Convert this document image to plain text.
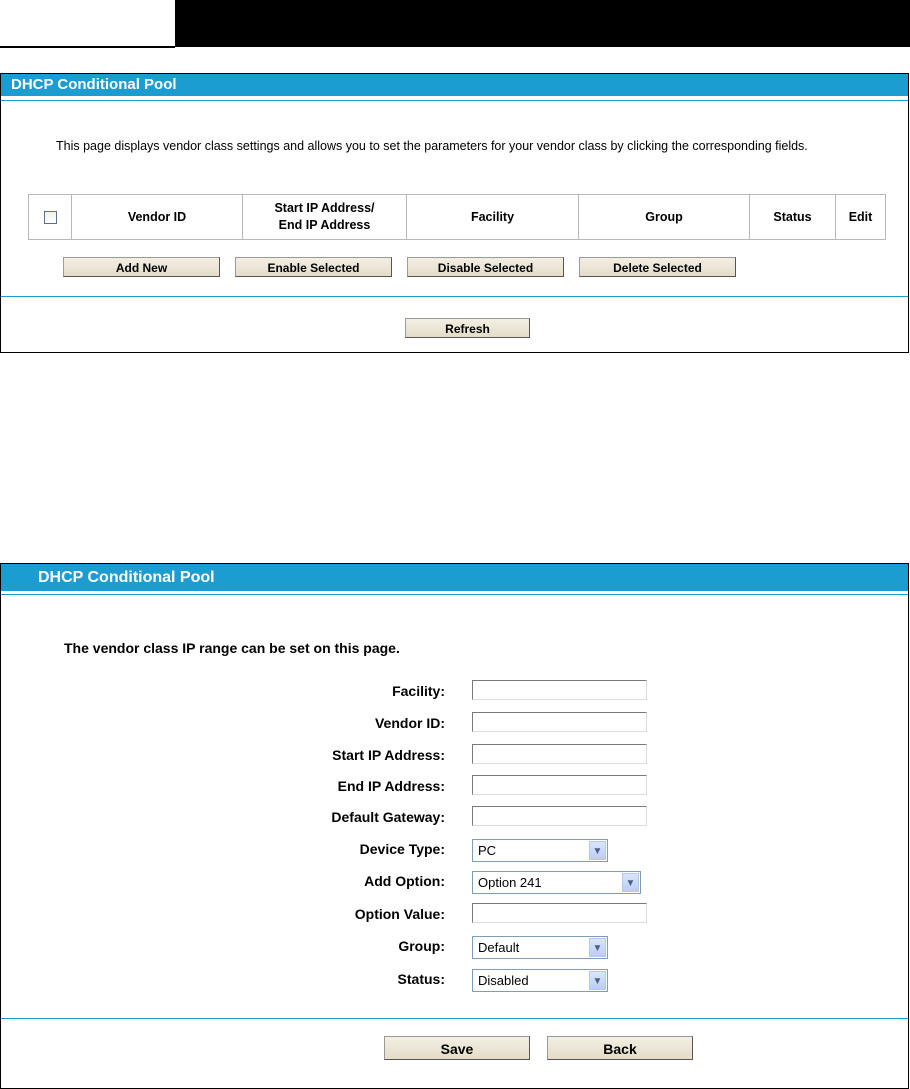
DHCP Conditional Pool
This page displays vendor class settings and allows you to set the parameters for your vendor class by clicking the corresponding fields.
	Vendor ID	Start IP Address/
End IP Address	Facility	Group	Status	Edit
Add New	Enable Selected	Disable Selected	Delete Selected
Refresh
DHCP Conditional Pool
The vendor class IP range can be set on this page.
Facility:
Vendor ID:
Start IP Address:
End IP Address:
Default Gateway:
Device Type:	PC	▼
Add Option:	Option 241	▼
Option Value:
Group:	Default	▼
Status:	Disabled	▼
Save	Back
